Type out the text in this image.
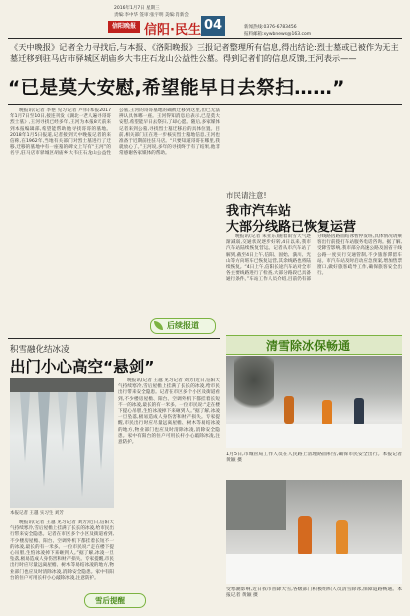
2016年1月7日 星期三
责编:李中华 签审:张宇明 美编:肖新会
信阳晚报 信阳·民生 04	新闻热线:0376-6783456
报料邮箱:xywbnews@163.com
《天中晚报》记者全力寻找后,与本报、《洛阳晚报》三报记者整理所有信息,得出结论:烈士墓或已被作为无主墓迁移到驻马店市驿城区胡庙乡大韦庄石龙山公益性公墓。得到记者们的信息反馈,王河表示——
“已是莫大安慰,希望能早日去祭扫……”

晚报讯(记者 李艳 见习记者 卢伟)本报2017年1月7日至10日,接连刊发《湖北一老人遍寻哥哥烈士墓》,王河寻找已经多年,王河为本报8天前来到本报编辑部,希望能帮助他寻找哥哥的墓地。2018年1月5日报道,记者接到天中晚报记者的来信称,在1962年,当地有关部门对烈士墓进行了迁移,迁移的墓地中有一座墓的碑文上写有“王河”的名字,驻马店市驿城区胡庙乡大韦庄石龙山公益性公墓,王河的哥哥墓地的确被迁移到这里,但已无法辨认具体哪一座。王河得知消息后表示,已是莫大安慰,希望能早日去祭扫,了却心愿。随后,多家媒体记者来到公墓,寻找烈士墓迁移后的具体位置。目前,相关部门正在进一步核实烈士墓地信息,王河也准备于近期前往驻马店。“只要知道哥哥在哪里,我就放心了。”王河说,多年的寻找终于有了结果,他非常感谢各家媒体的帮助。

后续报道
市民请注意!
我市汽车站
大部分线路已恢复运营

晚报讯(记者 朱亚东)随着雨雪天气逐渐减弱,交通状况逐步好转,4日以来,我市汽车站陆续恢复营运。记者从市汽车站了解到,截至4日上午,信阳、固始、潢川、光山等方向班车已恢复运营,其余线路也将陆续恢复。“4日上午,信阳长途汽车站对全市各主要线路进行了检查,大部分路段已具备通行条件。”车站工作人员介绍,目前仍有部分线路因路面结冰暂停发班,具体情况请乘客出行前拨打车站服务电话咨询。据了解,受降雪影响,我市部分高速公路及国省干线公路一度实行交通管制,不少旅客滞留车站。市汽车站及时启动应急预案,增加售票窗口,做好旅客疏导工作,确保旅客安全出行。

清雪除冰保畅通
1月5日,市城管局工作人员在人民路上清理路面积雪,确保市民安全出行。本报记者 黄颖 摄
受寒潮影响,近日我市普降大雪,各级部门积极组织人员清雪除冰,保障道路畅通。本报记者 黄颖 摄
积雪融化结冰凌
出门小心高空“悬剑”
本报记者 王越 实习生 刘芳

晚报讯(记者 王越 见习记者 刘芳)近日,信阳天气持续寒冷,雪后屋檐上挂满了长长的冰凌,给市民出行带来安全隐患。记者在市区多个小区及街道看到,不少楼房屋檐、阳台、空调外机下都挂着长短不一的冰凌,最长的有一米多。一位市民说:“走在楼下提心吊胆,生怕冰凌掉下来砸到人。”据了解,冰凌一旦坠落,极易造成人身伤害和财产损失。专家提醒,市民出行时应尽量远离屋檐、树木等易结冰凌的地方,物业部门也应及时清除冰凌,消除安全隐患。家中有阳台的住户可用长杆小心敲除冰凌,注意防护。

晚报讯(记者 王越 见习记者 刘芳)近日,信阳天气持续寒冷,雪后屋檐上挂满了长长的冰凌,给市民出行带来安全隐患。记者在市区多个小区及街道看到,不少楼房屋檐、阳台、空调外机下都挂着长短不一的冰凌,最长的有一米多。一位市民说:“走在楼下提心吊胆,生怕冰凌掉下来砸到人。”据了解,冰凌一旦坠落,极易造成人身伤害和财产损失。专家提醒,市民出行时应尽量远离屋檐、树木等易结冰凌的地方,物业部门也应及时清除冰凌,消除安全隐患。家中有阳台的住户可用长杆小心敲除冰凌,注意防护。

雪后提醒
